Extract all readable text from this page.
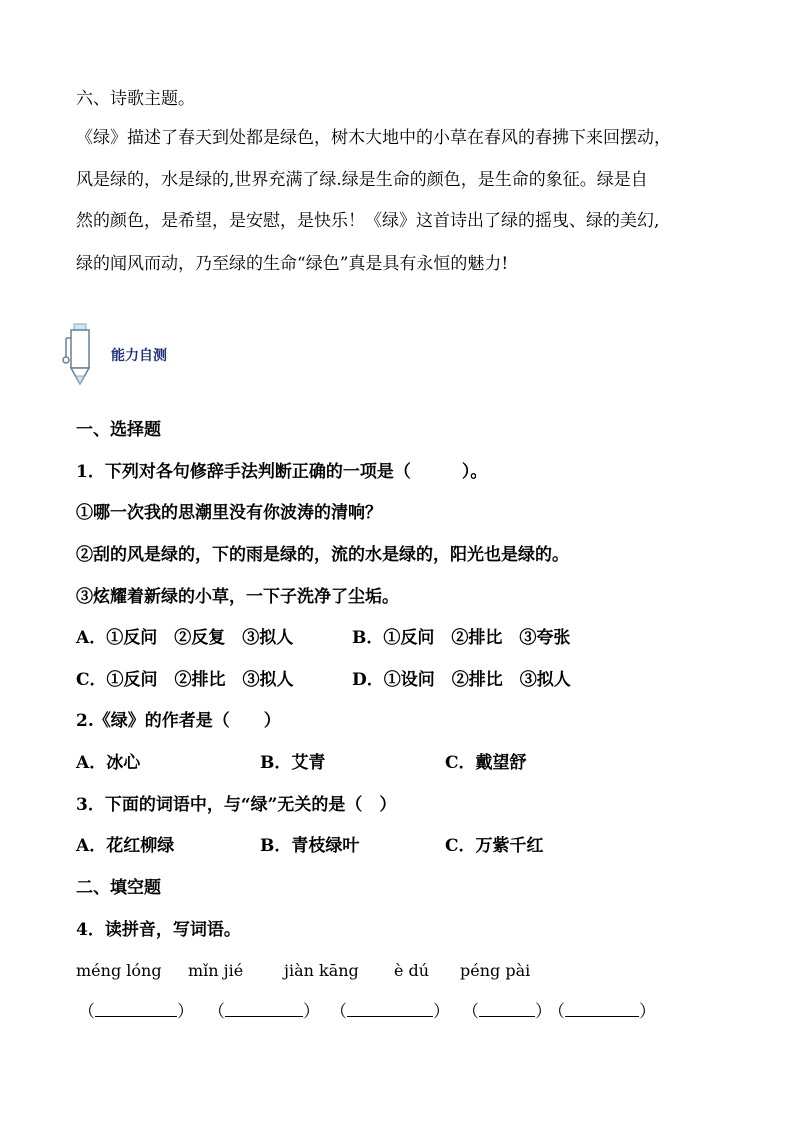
六、诗歌主题。
《绿》描述了春天到处都是绿色，树木大地中的小草在春风的春拂下来回摆动，
风是绿的，水是绿的,世界充满了绿.绿是生命的颜色，是生命的象征。绿是自
然的颜色，是希望，是安慰，是快乐！《绿》这首诗出了绿的摇曳、绿的美幻,
绿的闻风而动，乃至绿的生命“绿色”真是具有永恒的魅力!
能力自测
一、选择题
1．下列对各句修辞手法判断正确的一项是（　　　）。
①哪一次我的思潮里没有你波涛的清响？
②刮的风是绿的，下的雨是绿的，流的水是绿的，阳光也是绿的。
③炫耀着新绿的小草，一下子洗净了尘垢。
A．①反问　②反复　③拟人	B．①反问　②排比　③夸张
C．①反问　②排比　③拟人	D．①设问　②排比　③拟人
2.《绿》的作者是（　　）
A．冰心	B．艾青	C．戴望舒
3．下面的词语中，与“绿”无关的是（　）
A．花红柳绿	B．青枝绿叶	C．万紫千红
二、填空题
4．读拼音，写词语。
méng lóng mǐn jié	jiàn kāng è dú péng pài
（	） （	） （	） （	）
（	）
